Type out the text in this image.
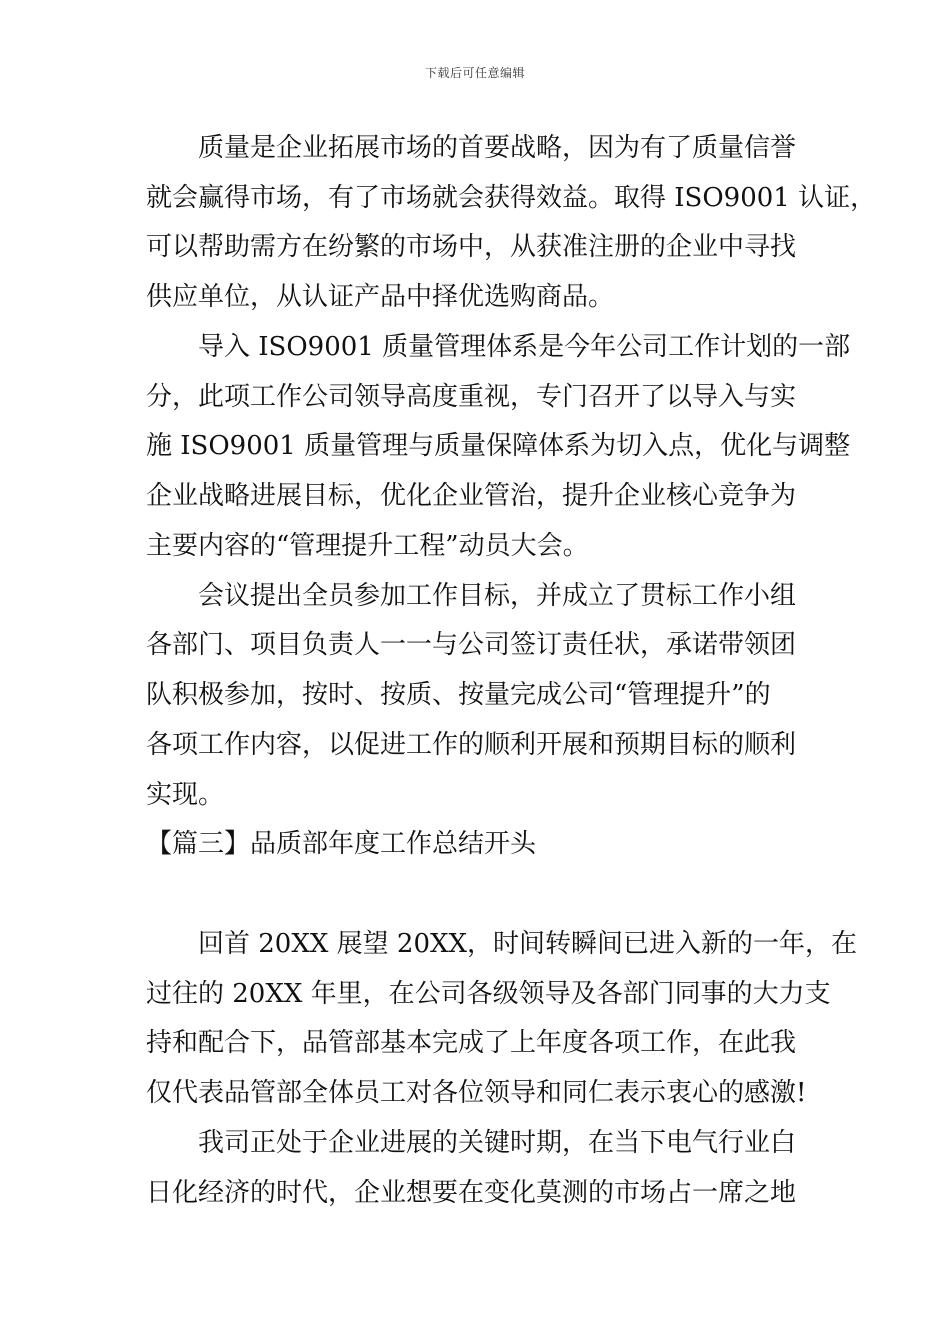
下载后可任意编辑
　　质量是企业拓展市场的首要战略，因为有了质量信誉
就会赢得市场，有了市场就会获得效益。取得 ISO9001 认证，
可以帮助需方在纷繁的市场中，从获准注册的企业中寻找
供应单位，从认证产品中择优选购商品。
　　导入 ISO9001 质量管理体系是今年公司工作计划的一部
分，此项工作公司领导高度重视，专门召开了以导入与实
施 ISO9001 质量管理与质量保障体系为切入点，优化与调整
企业战略进展目标，优化企业管治，提升企业核心竞争为
主要内容的“管理提升工程”动员大会。
　　会议提出全员参加工作目标，并成立了贯标工作小组
各部门、项目负责人一一与公司签订责任状，承诺带领团
队积极参加，按时、按质、按量完成公司“管理提升”的
各项工作内容，以促进工作的顺利开展和预期目标的顺利
实现。
【篇三】品质部年度工作总结开头
　　回首 20XX 展望 20XX，时间转瞬间已进入新的一年，在
过往的 20XX 年里，在公司各级领导及各部门同事的大力支
持和配合下，品管部基本完成了上年度各项工作，在此我
仅代表品管部全体员工对各位领导和同仁表示衷心的感激!
　　我司正处于企业进展的关键时期，在当下电气行业白
日化经济的时代，企业想要在变化莫测的市场占一席之地
